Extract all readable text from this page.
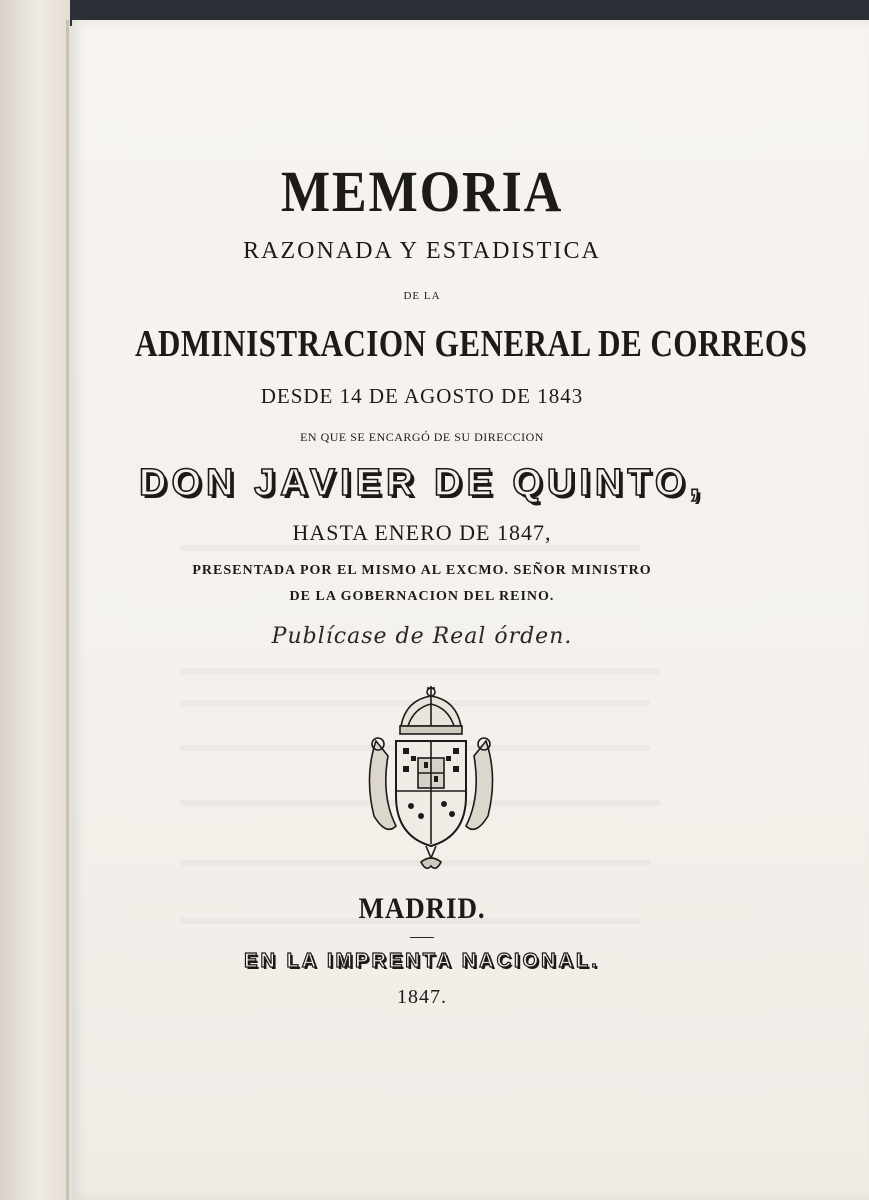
MEMORIA
RAZONADA Y ESTADISTICA
DE LA
ADMINISTRACION GENERAL DE CORREOS
DESDE 14 DE AGOSTO DE 1843
EN QUE SE ENCARGÓ DE SU DIRECCION
DON JAVIER DE QUINTO,
HASTA ENERO DE 1847,
PRESENTADA POR EL MISMO AL EXCMO. SEÑOR MINISTRO
DE LA GOBERNACION DEL REINO.
Publícase de Real órden.
MADRID.
EN LA IMPRENTA NACIONAL.
1847.
